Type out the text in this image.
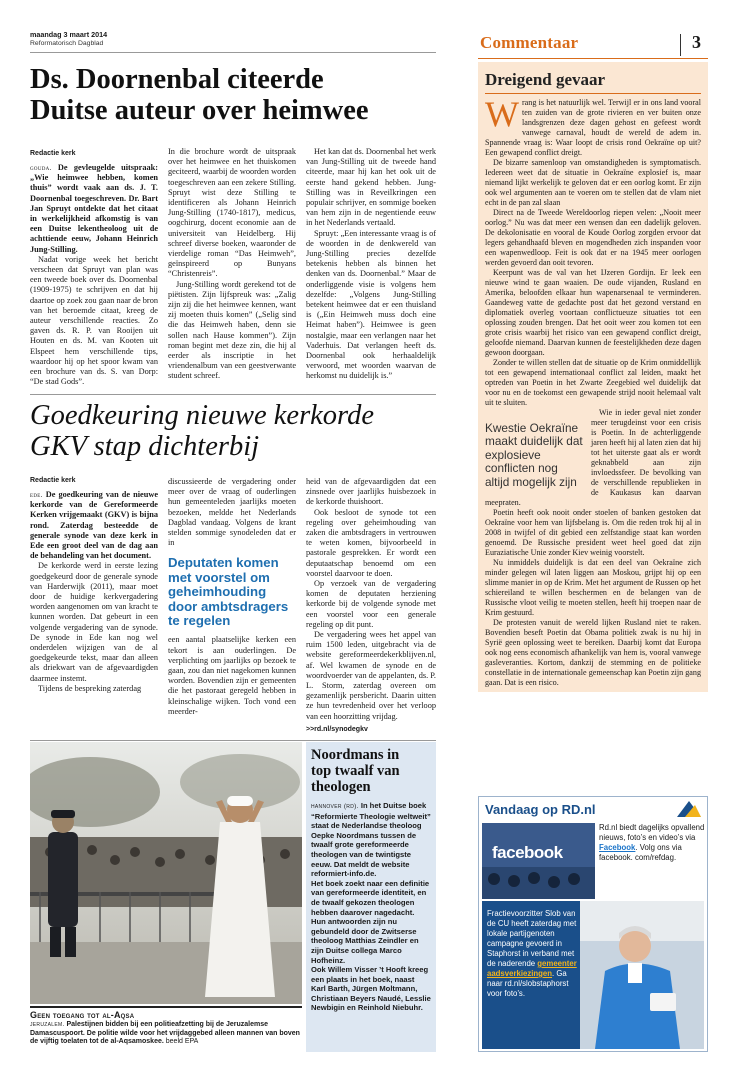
maandag 3 maart 2014
Reformatorisch Dagblad	Commentaar	3
Ds. Doornenbal citeerde
Duitse auteur over heimwee
Redactie kerk

gouda. De gevleugelde uitspraak: „Wie heimwee hebben, komen thuis” wordt vaak aan ds. J. T. Doornenbal toegeschreven. Dr. Bart Jan Spruyt ontdekte dat het citaat in werkelijkheid afkomstig is van een Duitse lekentheoloog uit de achttiende eeuw, Johann Heinrich Jung-Stilling.

Nadat vorige week het bericht verscheen dat Spruyt van plan was een tweede boek over ds. Doornenbal (1909-1975) te schrijven en dat hij daartoe op zoek zou gaan naar de bron van het beroemde citaat, kreeg de auteur verschillende reacties. Zo gaven ds. R. P. van Rooijen uit Houten en ds. M. van Kooten uit Elspeet hem verschillende tips, waardoor hij op het spoor kwam van een brochure van ds. S. van Dorp: “De stad Gods”.

In die brochure wordt de uitspraak over het heimwee en het thuiskomen geciteerd, waarbij de woorden worden toegeschreven aan een zekere Stilling. Spruyt wist deze Stilling te identificeren als Johann Heinrich Jung-Stilling (1740-1817), medicus, oogchirurg, docent economie aan de universiteit van Heidelberg. Hij schreef diverse boeken, waaronder de vierdelige roman “Das Heimweh”, geïnspireerd op Bunyans “Christenreis”.

Jung-Stilling wordt gerekend tot de piëtisten. Zijn lijfspreuk was: „Zalig zijn zij die het heimwee kennen, want zij moeten thuis komen” („Selig sind die das Heimweh haben, denn sie sollen nach Hause kommen”). Zijn roman begint met deze zin, die hij al eerder als inscriptie in het vriendenalbum van een geestverwante student schreef.

Het kan dat ds. Doornenbal het werk van Jung-Stilling uit de tweede hand citeerde, maar hij kan het ook uit de eerste hand gekend hebben. Jung-Stilling was in Reveilkringen een populair schrijver, en sommige boeken van hem zijn in de negentiende eeuw in het Nederlands vertaald.

Spruyt: „Een interessante vraag is of de woorden in de denkwereld van Jung-Stilling precies dezelfde betekenis hebben als binnen het denken van ds. Doornenbal.” Maar de onderliggende visie is volgens hem dezelfde: „Volgens Jung-Stilling betekent heimwee dat er een thuisland is („Ein Heimweh muss doch eine Heimat haben”). Heimwee is geen nostalgie, maar een verlangen naar het Vaderhuis. Dat verlangen heeft ds. Doornenbal ook herhaaldelijk verwoord, met woorden waarvan de herkomst nu duidelijk is.”

Goedkeuring nieuwe kerkorde
GKV stap dichterbij
Redactie kerk

ede. De goedkeuring van de nieuwe kerkorde van de Gereformeerde Kerken vrijgemaakt (GKV) is bijna rond. Zaterdag besteedde de generale synode van deze kerk in Ede een groot deel van de dag aan de behandeling van het document.

De kerkorde werd in eerste lezing goedgekeurd door de generale synode van Harderwijk (2011), maar moet door de huidige kerkvergadering worden aangenomen om van kracht te kunnen worden. Dat gebeurt in een volgende vergadering van de synode. De synode in Ede kan nog wel onderdelen wijzigen van de al goedgekeurde tekst, maar dan alleen als driekwart van de afgevaardigden daarmee instemt.

Tijdens de bespreking zaterdag

discussieerde de vergadering onder meer over de vraag of ouderlingen hun gemeenteleden jaarlijks moeten bezoeken, meldde het Nederlands Dagblad vandaag. Volgens de krant stelden sommige synodeleden dat er in

Deputaten komen met voorstel om geheimhouding door ambtsdragers te regelen

een aantal plaatselijke kerken een tekort is aan ouderlingen. De verplichting om jaarlijks op bezoek te gaan, zou dan niet nagekomen kunnen worden. Bovendien zijn er gemeenten die het pastoraat geregeld hebben in kleinschalige wijken. Toch vond een meerder-

heid van de afgevaardigden dat een zinsnede over jaarlijks huisbezoek in de kerkorde thuishoort.

Ook besloot de synode tot een regeling over geheimhouding van zaken die ambtsdragers in vertrouwen te weten komen, bijvoorbeeld in pastorale gesprekken. Er wordt een deputaatschap benoemd om een voorstel daarvoor te doen.

Op verzoek van de vergadering komen de deputaten herziening kerkorde bij de volgende synode met een voorstel voor een generale regeling op dit punt.

De vergadering wees het appel van ruim 1500 leden, uitgebracht via de website gereformeerdekerkblijven.nl, af. Wel kwamen de synode en de woordvoerder van de appelanten, ds. P. L. Storm, zaterdag overeen om gezamenlijk persbericht. Daarin uitten ze hun tevredenheid over het verloop van een hoorzitting vrijdag.

>>rd.nl/synodegkv
Geen toegang tot al-Aqsa
jeruzalem. Palestijnen bidden bij een politieafzetting bij de Jeruzalemse Damascuspoort. De politie wilde voor het vrijdaggebed alleen mannen van boven de vijftig toelaten tot de al-Aqsamoskee. beeld EPA
Noordmans in
top twaalf van
theologen

hannover (rd). In het Duitse boek “Reformierte Theologie weltweit” staat de Nederlandse theoloog Oepke Noordmans tussen de twaalf grote gereformeerde theologen van de twintigste eeuw. Dat meldt de website reformiert-info.de.

Het boek zoekt naar een definitie van gereformeerde identiteit, en de twaalf gekozen theologen hebben daarover nagedacht. Hun antwoorden zijn nu gebundeld door de Zwitserse theoloog Matthias Zeindler en zijn Duitse collega Marco Hofheinz.

Ook Willem Visser ’t Hooft kreeg een plaats in het boek, naast Karl Barth, Jürgen Moltmann, Christiaan Beyers Naudé, Lesslie Newbigin en Reinhold Niebuhr.

Dreigend gevaar

W rang is het natuurlijk wel. Terwijl er in ons land vooral ten zuiden van de grote rivieren en ver buiten onze landsgrenzen deze dagen gehost en gefeest wordt vanwege carnaval, houdt de wereld de adem in. Spannende vraag is: Waar loopt de crisis rond Oekraïne op uit? Een gewapend conflict dreigt.

De bizarre samenloop van omstandigheden is symptomatisch. Iedereen weet dat de situatie in Oekraïne explosief is, maar niemand lijkt werkelijk te geloven dat er een oorlog komt. Er zijn ook wel argumenten aan te voeren om te stellen dat de vlam niet echt in de pan zal slaan

Direct na de Tweede Wereldoorlog riepen velen: „Nooit meer oorlog.” Nu was dat meer een wensen dan een dadelijk geloven. De dekolonisatie en vooral de Koude Oorlog zorgden ervoor dat legers gehandhaafd bleven en mogendheden zich inspanden voor een wapenwedloop. Feit is ook dat er na 1945 meer oorlogen werden gevoerd dan ooit tevoren.

Keerpunt was de val van het IJzeren Gordijn. Er leek een nieuwe wind te gaan waaien. De oude vijanden, Rusland en Amerika, beloofden elkaar hun wapenarsenaal te verminderen. Gaandeweg vatte de gedachte post dat het gezond verstand en diplomatiek overleg voortaan conflictueuze situaties tot een oplossing zouden brengen. Dat het ooit weer zou komen tot een grote crisis waarbij het risico van een gewapend conflict dreigt, geloofde niemand. Daarvan kunnen de feestelijkheden deze dagen gewoon doorgaan.

Zonder te willen stellen dat de situatie op de Krim onmiddellijk tot een gewapend internationaal conflict zal leiden, maakt het optreden van Poetin in het Zwarte Zeegebied wel duidelijk dat voor nu en de toekomst een gewapende strijd nooit helemaal valt uit te sluiten.

Kwestie Oekraïne maakt duidelijk dat explosieve conflicten nog altijd mogelijk zijn
Wie in ieder geval niet zonder meer terugdeinst voor een crisis is Poetin. In de achterliggende jaren heeft hij al laten zien dat hij tot het uiterste gaat als er wordt geknabbeld aan zijn invloedssfeer. De bevolking van de verschillende republieken in de Kaukasus kan daarvan meepraten.

Poetin heeft ook nooit onder stoelen of banken gestoken dat Oekraïne voor hem van lijfsbelang is. Om die reden trok hij al in 2008 in twijfel of dit gebied een zelfstandige staat kan worden genoemd. De Russische president weet heel goed dat zijn Euraziatische Unie zonder Kiev weinig voorstelt.

Nu inmiddels duidelijk is dat een deel van Oekraïne zich minder gelegen wil laten liggen aan Moskou, grijpt hij op een slimme manier in op de Krim. Met het argument de Russen op het schiereiland te willen beschermen en de belangen van de Russische vloot veilig te moeten stellen, heeft hij troepen naar de Krim gestuurd.

De protesten vanuit de wereld lijken Rusland niet te raken. Bovendien beseft Poetin dat Obama politiek zwak is nu hij in Syrië geen oplossing weet te bereiken. Daarbij komt dat Europa ook nog eens economisch afhankelijk van hem is, vooral vanwege gasleveranties. Kortom, dankzij de stemming en de politieke constellatie in de internationale gemeenschap kan Poetin zijn gang gaan. Dat is een risico.

Vandaag op RD.nl
facebook
Rd.nl biedt dagelijks opvallend nieuws, foto’s en video’s via Facebook. Volg ons via facebook. com/refdag.
Fractievoorzitter Slob van de CU heeft zaterdag met lokale partijgenoten campagne gevoerd in Staphorst in verband met de naderende gemeenteraadsverkiezingen. Ga naar rd.nl/slobstaphorst voor foto’s.
